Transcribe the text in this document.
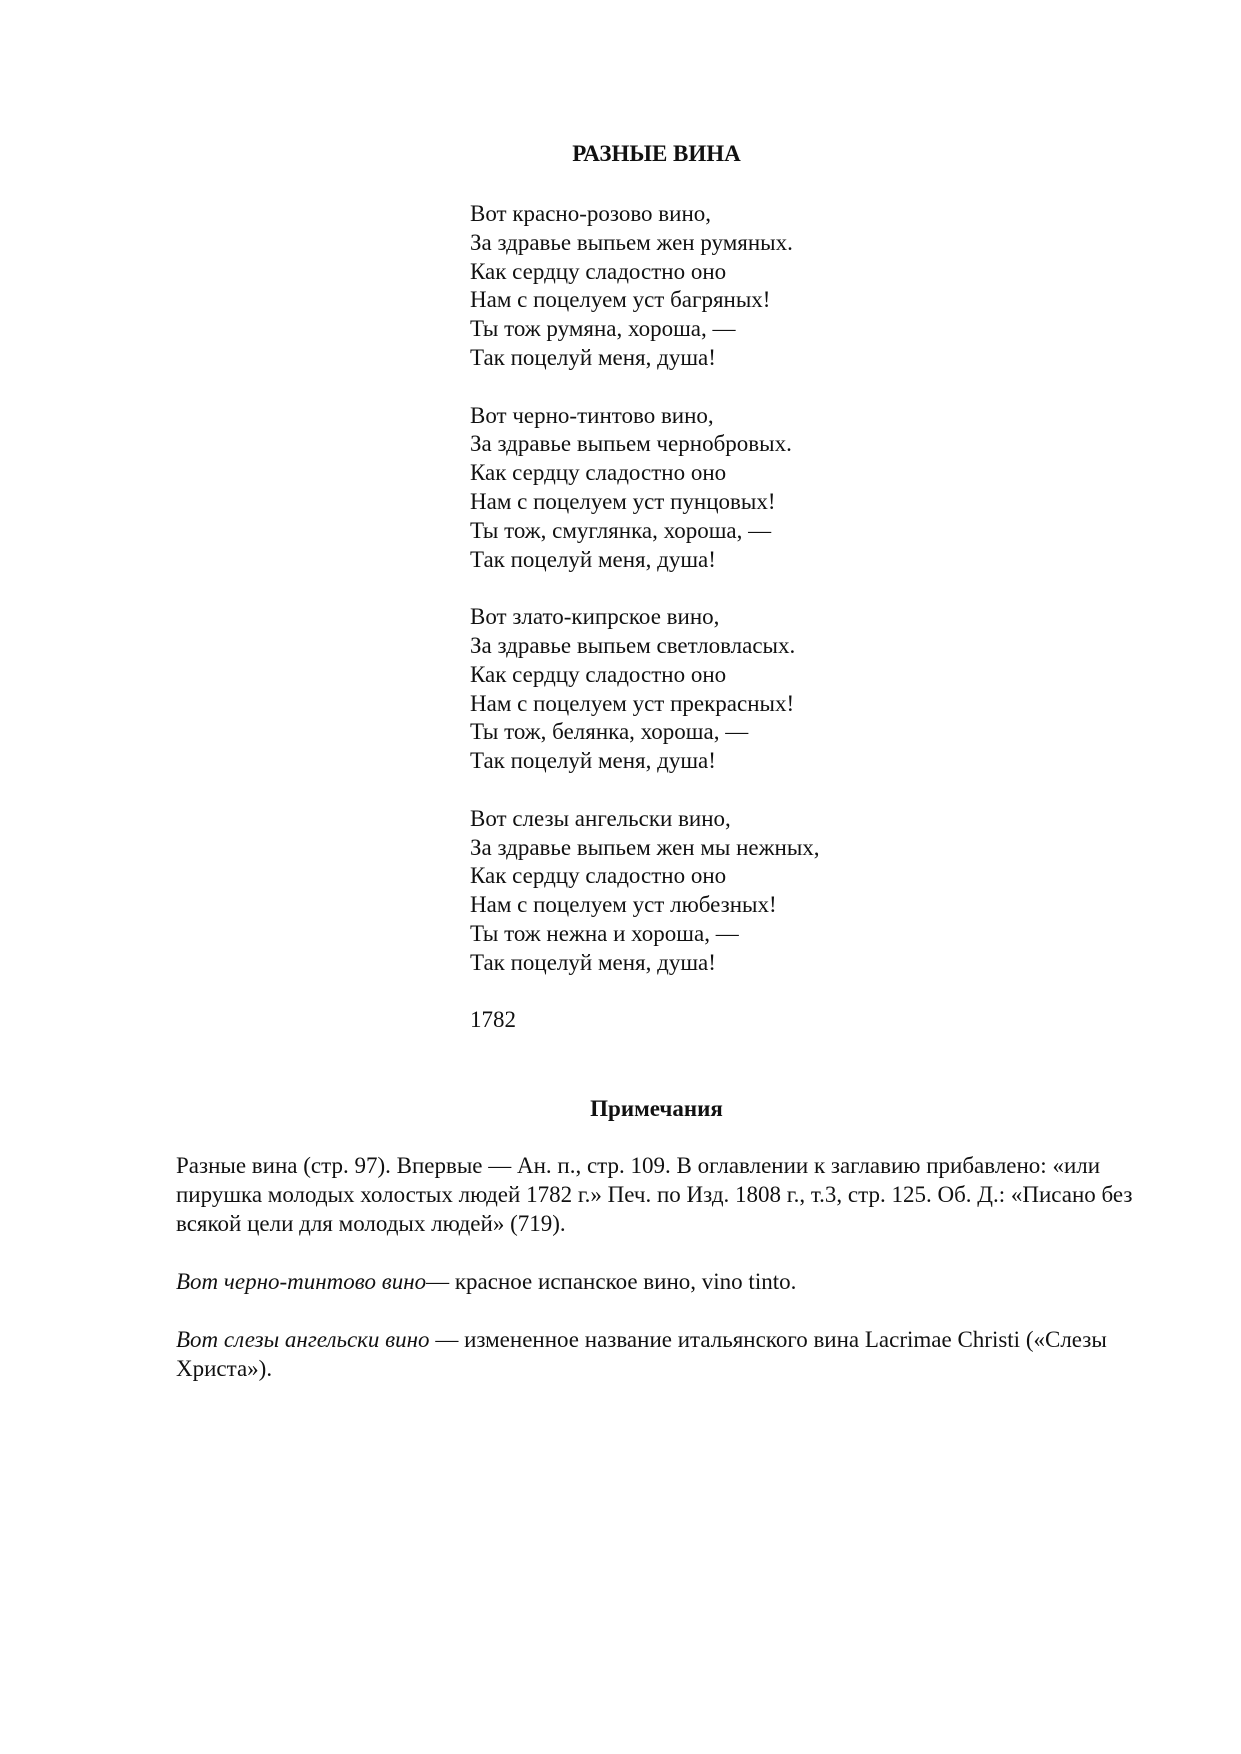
РАЗНЫЕ ВИНА
Вот красно-розово вино,
За здравье выпьем жен румяных.
Как сердцу сладостно оно
Нам с поцелуем уст багряных!
Ты тож румяна, хороша, —
Так поцелуй меня, душа!
Вот черно-тинтово вино,
За здравье выпьем чернобровых.
Как сердцу сладостно оно
Нам с поцелуем уст пунцовых!
Ты тож, смуглянка, хороша, —
Так поцелуй меня, душа!
Вот злато-кипрское вино,
За здравье выпьем светловласых.
Как сердцу сладостно оно
Нам с поцелуем уст прекрасных!
Ты тож, белянка, хороша, —
Так поцелуй меня, душа!
Вот слезы ангельски вино,
За здравье выпьем жен мы нежных,
Как сердцу сладостно оно
Нам с поцелуем уст любезных!
Ты тож нежна и хороша, —
Так поцелуй меня, душа!
1782
Примечания

Разные вина (стр. 97). Впервые — Ан. п., стр. 109. В оглавлении к заглавию прибавлено: «или пирушка молодых холостых людей 1782 г.» Печ. по Изд. 1808 г., т.3, стр. 125. Об. Д.: «Писано без всякой цели для молодых людей» (719).

Вот черно-тинтово вино— красное испанское вино, vino tinto.

Вот слезы ангельски вино — измененное название итальянского вина Lacrimae Christi («Слезы Христа»).
